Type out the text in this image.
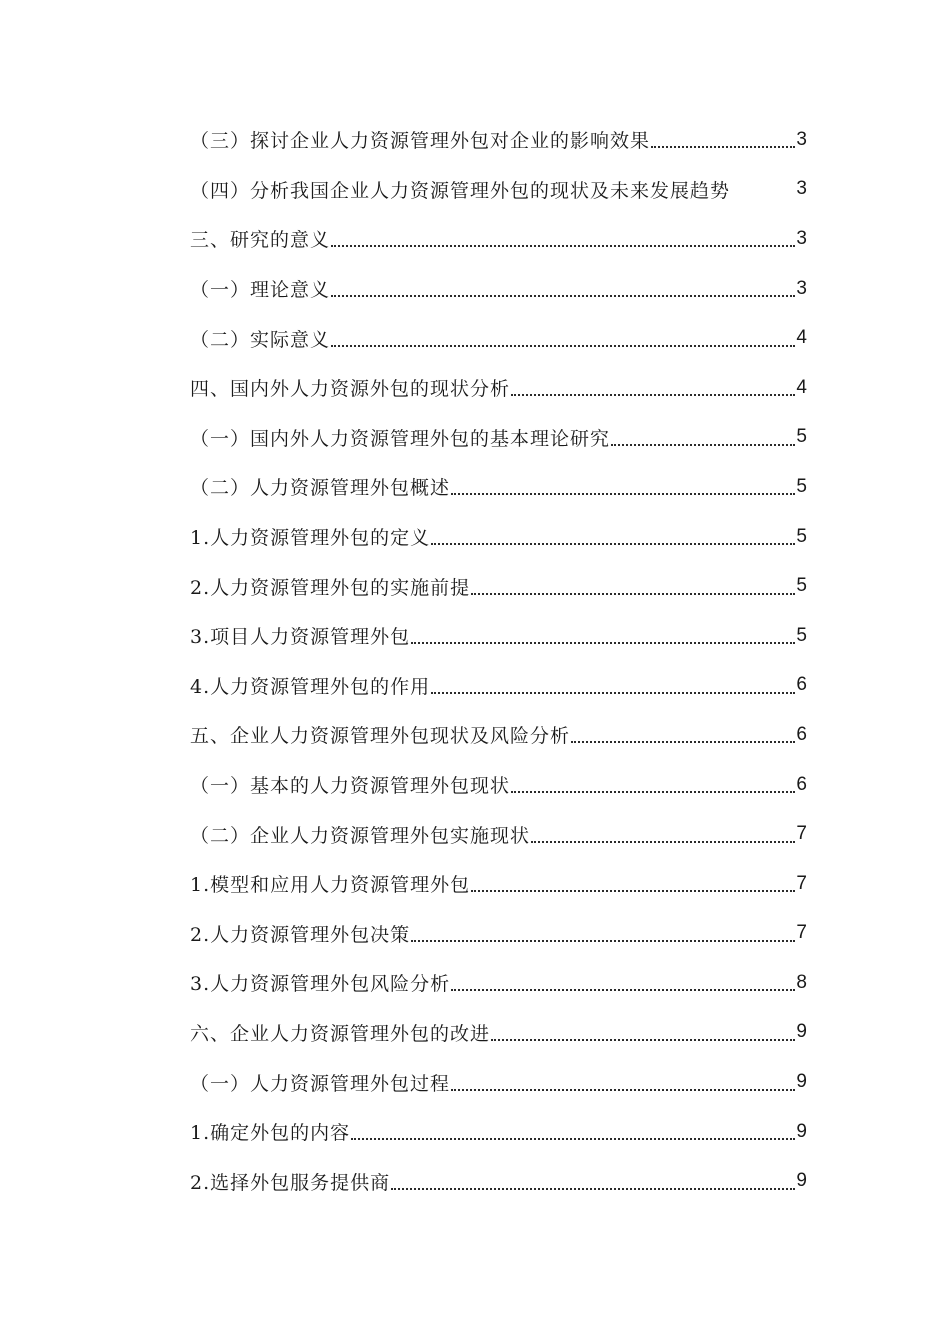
（三）探讨企业人力资源管理外包对企业的影响效果	3
（四）分析我国企业人力资源管理外包的现状及未来发展趋势	3
三、研究的意义	3
（一）理论意义	3
（二）实际意义	4
四、国内外人力资源外包的现状分析	4
（一）国内外人力资源管理外包的基本理论研究	5
（二）人力资源管理外包概述	5
1.人力资源管理外包的定义	5
2.人力资源管理外包的实施前提	5
3.项目人力资源管理外包	5
4.人力资源管理外包的作用	6
五、企业人力资源管理外包现状及风险分析	6
（一）基本的人力资源管理外包现状	6
（二）企业人力资源管理外包实施现状	7
1.模型和应用人力资源管理外包	7
2.人力资源管理外包决策	7
3.人力资源管理外包风险分析	8
六、企业人力资源管理外包的改进	9
（一）人力资源管理外包过程	9
1.确定外包的内容	9
2.选择外包服务提供商	9
